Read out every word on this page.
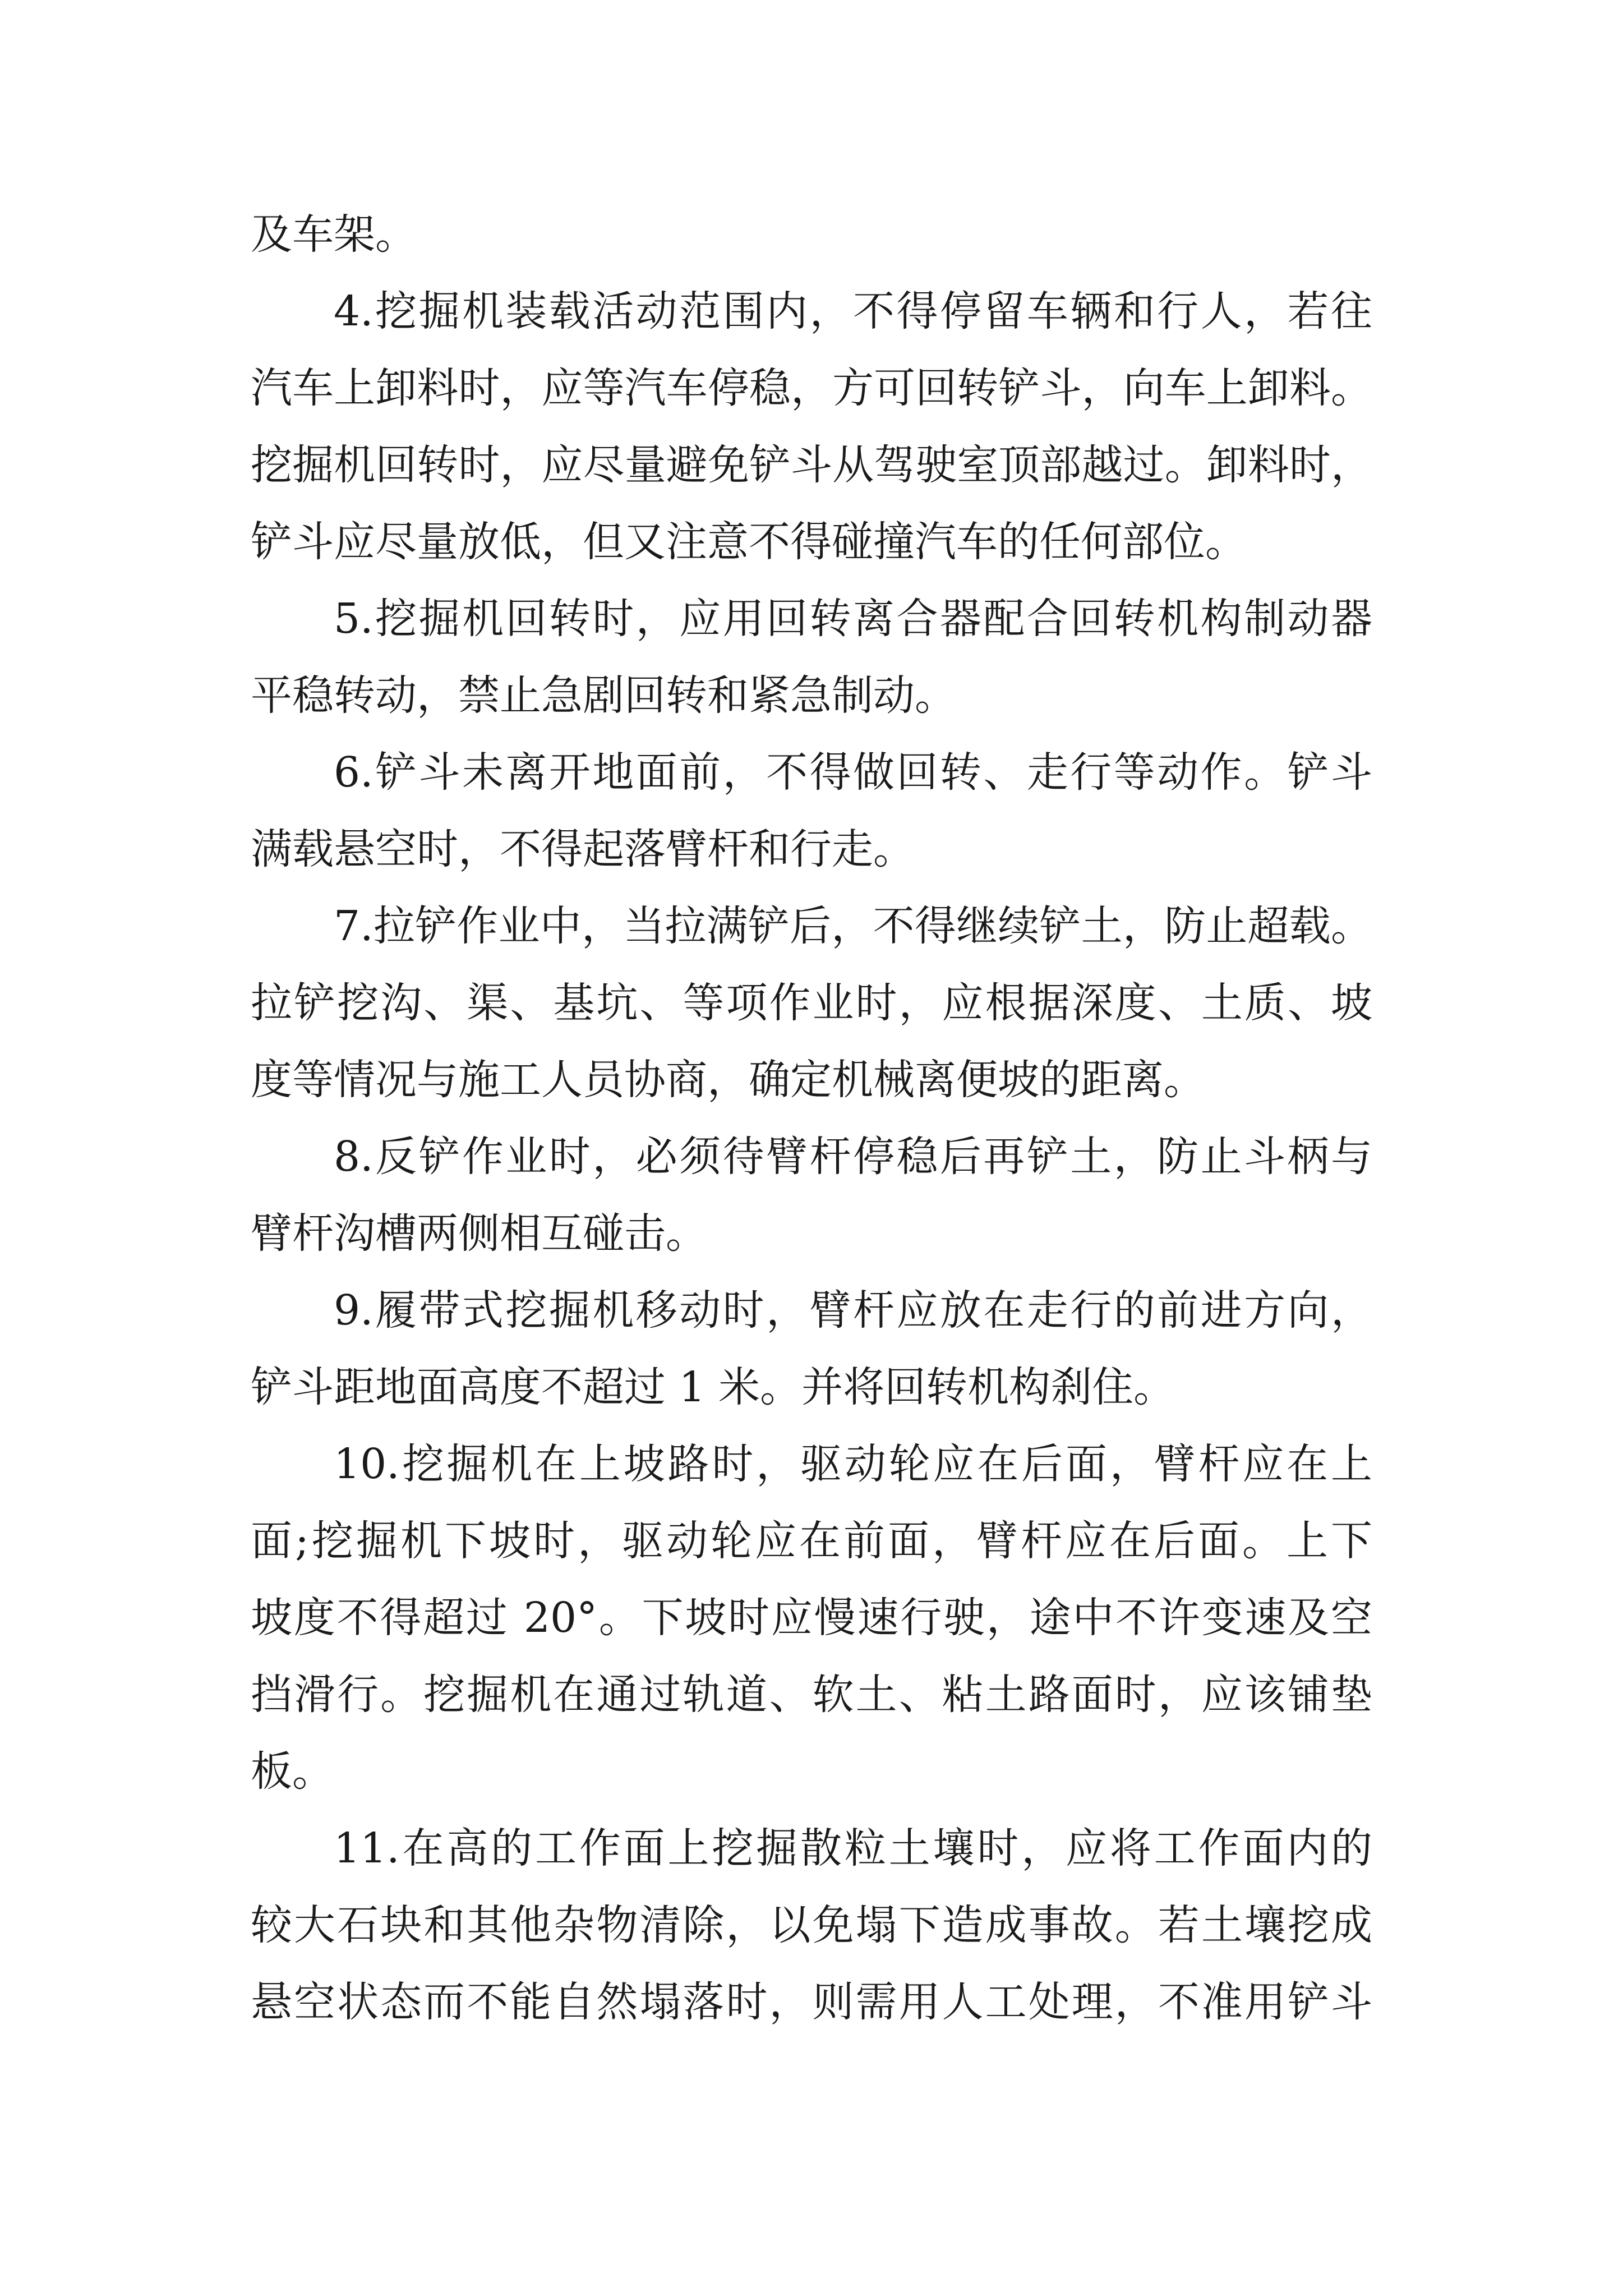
及车架。
4.挖掘机装载活动范围内，不得停留车辆和行人，若往
汽车上卸料时，应等汽车停稳，方可回转铲斗，向车上卸料。
挖掘机回转时，应尽量避免铲斗从驾驶室顶部越过。卸料时，
铲斗应尽量放低，但又注意不得碰撞汽车的任何部位。
5.挖掘机回转时，应用回转离合器配合回转机构制动器
平稳转动，禁止急剧回转和紧急制动。
6.铲斗未离开地面前，不得做回转、走行等动作。铲斗
满载悬空时，不得起落臂杆和行走。
7.拉铲作业中，当拉满铲后，不得继续铲土，防止超载。
拉铲挖沟、渠、基坑、等项作业时，应根据深度、土质、坡
度等情况与施工人员协商，确定机械离便坡的距离。
8.反铲作业时，必须待臂杆停稳后再铲土，防止斗柄与
臂杆沟槽两侧相互碰击。
9.履带式挖掘机移动时，臂杆应放在走行的前进方向，
铲斗距地面高度不超过 1 米。并将回转机构刹住。
10.挖掘机在上坡路时，驱动轮应在后面，臂杆应在上
面;挖掘机下坡时，驱动轮应在前面，臂杆应在后面。上下
坡度不得超过 20°。下坡时应慢速行驶，途中不许变速及空
挡滑行。挖掘机在通过轨道、软土、粘土路面时，应该铺垫
板。
11.在高的工作面上挖掘散粒土壤时，应将工作面内的
较大石块和其他杂物清除，以免塌下造成事故。若土壤挖成
悬空状态而不能自然塌落时，则需用人工处理，不准用铲斗
